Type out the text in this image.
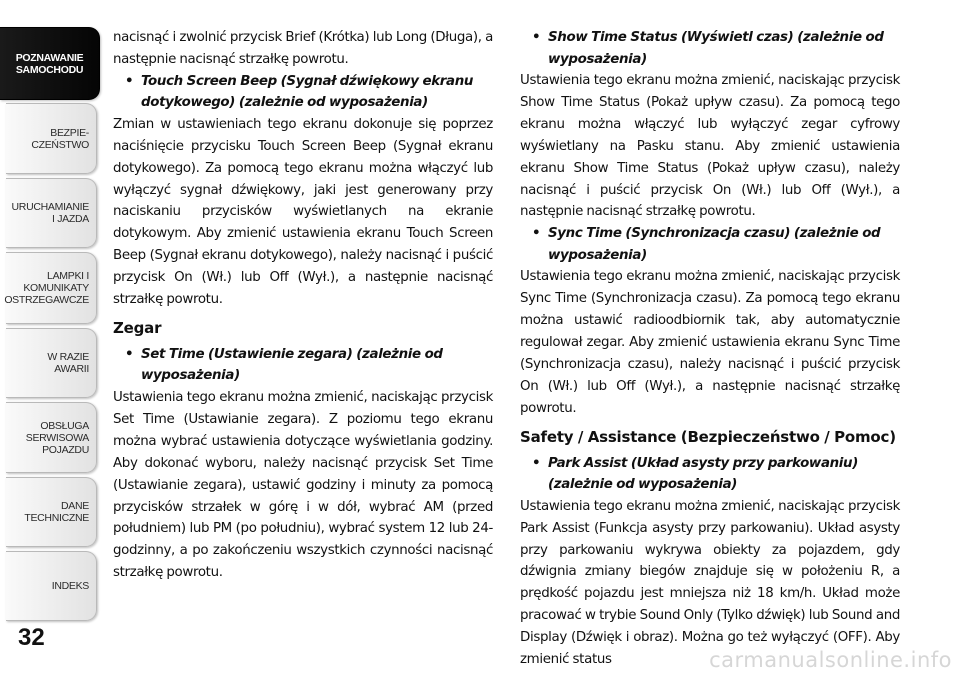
POZNAWANIE
SAMOCHODU
BEZPIE-
CZEŃSTWO
URUCHAMIANIE
I JAZDA
LAMPKI I
KOMUNIKATY
OSTRZEGAWCZE
W RAZIE
AWARII
OBSŁUGA
SERWISOWA
POJAZDU
DANE
TECHNICZNE
INDEKS
32

nacisnąć i zwolnić przycisk Brief (Krótka) lub Long (Długa), a następnie nacisnąć strzałkę powrotu.

• Touch Screen Beep (Sygnał dźwiękowy ekranu dotykowego) (zależnie od wyposażenia)

Zmian w ustawieniach tego ekranu dokonuje się poprzez naciśnięcie przycisku Touch Screen Beep (Sygnał ekranu dotykowego). Za pomocą tego ekranu można włączyć lub wyłączyć sygnał dźwiękowy, jaki jest generowany przy naciskaniu przycisków wyświetlanych na ekranie dotykowym. Aby zmienić ustawienia ekranu Touch Screen Beep (Sygnał ekranu dotykowego), należy nacisnąć i puścić przycisk On (Wł.) lub Off (Wył.), a następnie nacisnąć strzałkę powrotu.

Zegar

• Set Time (Ustawienie zegara) (zależnie od wyposażenia)

Ustawienia tego ekranu można zmienić, naciskając przycisk Set Time (Ustawianie zegara). Z poziomu tego ekranu można wybrać ustawienia dotyczące wyświetlania godziny. Aby dokonać wyboru, należy nacisnąć przycisk Set Time (Ustawianie zegara), ustawić godziny i minuty za pomocą przycisków strzałek w górę i w dół, wybrać AM (przed południem) lub PM (po południu), wybrać system 12 lub 24-godzinny, a po zakończeniu wszystkich czynności nacisnąć strzałkę powrotu.

• Show Time Status (Wyświetl czas) (zależnie od wyposażenia)

Ustawienia tego ekranu można zmienić, naciskając przycisk Show Time Status (Pokaż upływ czasu). Za pomocą tego ekranu można włączyć lub wyłączyć zegar cyfrowy wyświetlany na Pasku stanu. Aby zmienić ustawienia ekranu Show Time Status (Pokaż upływ czasu), należy nacisnąć i puścić przycisk On (Wł.) lub Off (Wył.), a następnie nacisnąć strzałkę powrotu.

• Sync Time (Synchronizacja czasu) (zależnie od wyposażenia)

Ustawienia tego ekranu można zmienić, naciskając przycisk Sync Time (Synchronizacja czasu). Za pomocą tego ekranu można ustawić radioodbiornik tak, aby automatycznie regulował zegar. Aby zmienić ustawienia ekranu Sync Time (Synchronizacja czasu), należy nacisnąć i puścić przycisk On (Wł.) lub Off (Wył.), a następnie nacisnąć strzałkę powrotu.

Safety / Assistance (Bezpieczeństwo / Pomoc)

• Park Assist (Układ asysty przy parkowaniu) (zależnie od wyposażenia)

Ustawienia tego ekranu można zmienić, naciskając przycisk Park Assist (Funkcja asysty przy parkowaniu). Układ asysty przy parkowaniu wykrywa obiekty za pojazdem, gdy dźwignia zmiany biegów znajduje się w położeniu R, a prędkość pojazdu jest mniejsza niż 18 km/h. Układ może pracować w trybie Sound Only (Tylko dźwięk) lub Sound and Display (Dźwięk i obraz). Można go też wyłączyć (OFF). Aby zmienić status	carmanualsonline.info
